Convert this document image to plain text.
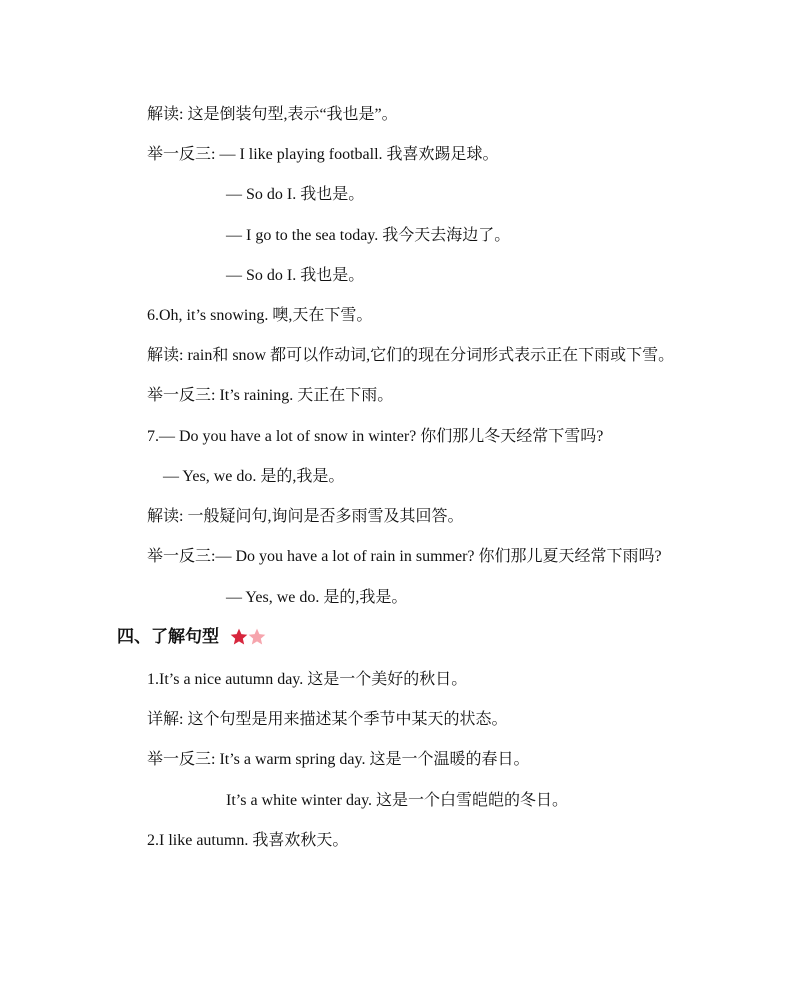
解读: 这是倒装句型,表示“我也是”。
举一反三: — I like playing football. 我喜欢踢足球。
— So do I. 我也是。
— I go to the sea today. 我今天去海边了。
— So do I. 我也是。
6.Oh, it’s snowing. 噢,天在下雪。
解读: rain和 snow 都可以作动词,它们的现在分词形式表示正在下雨或下雪。
举一反三: It’s raining. 天正在下雨。
7.— Do you have a lot of snow in winter? 你们那儿冬天经常下雪吗?
— Yes, we do. 是的,我是。
解读: 一般疑问句,询问是否多雨雪及其回答。
举一反三:— Do you have a lot of rain in summer? 你们那儿夏天经常下雨吗?
— Yes, we do. 是的,我是。
四、了解句型
1.It’s a nice autumn day. 这是一个美好的秋日。
详解: 这个句型是用来描述某个季节中某天的状态。
举一反三: It’s a warm spring day. 这是一个温暖的春日。
It’s a white winter day. 这是一个白雪皑皑的冬日。
2.I like autumn. 我喜欢秋天。
